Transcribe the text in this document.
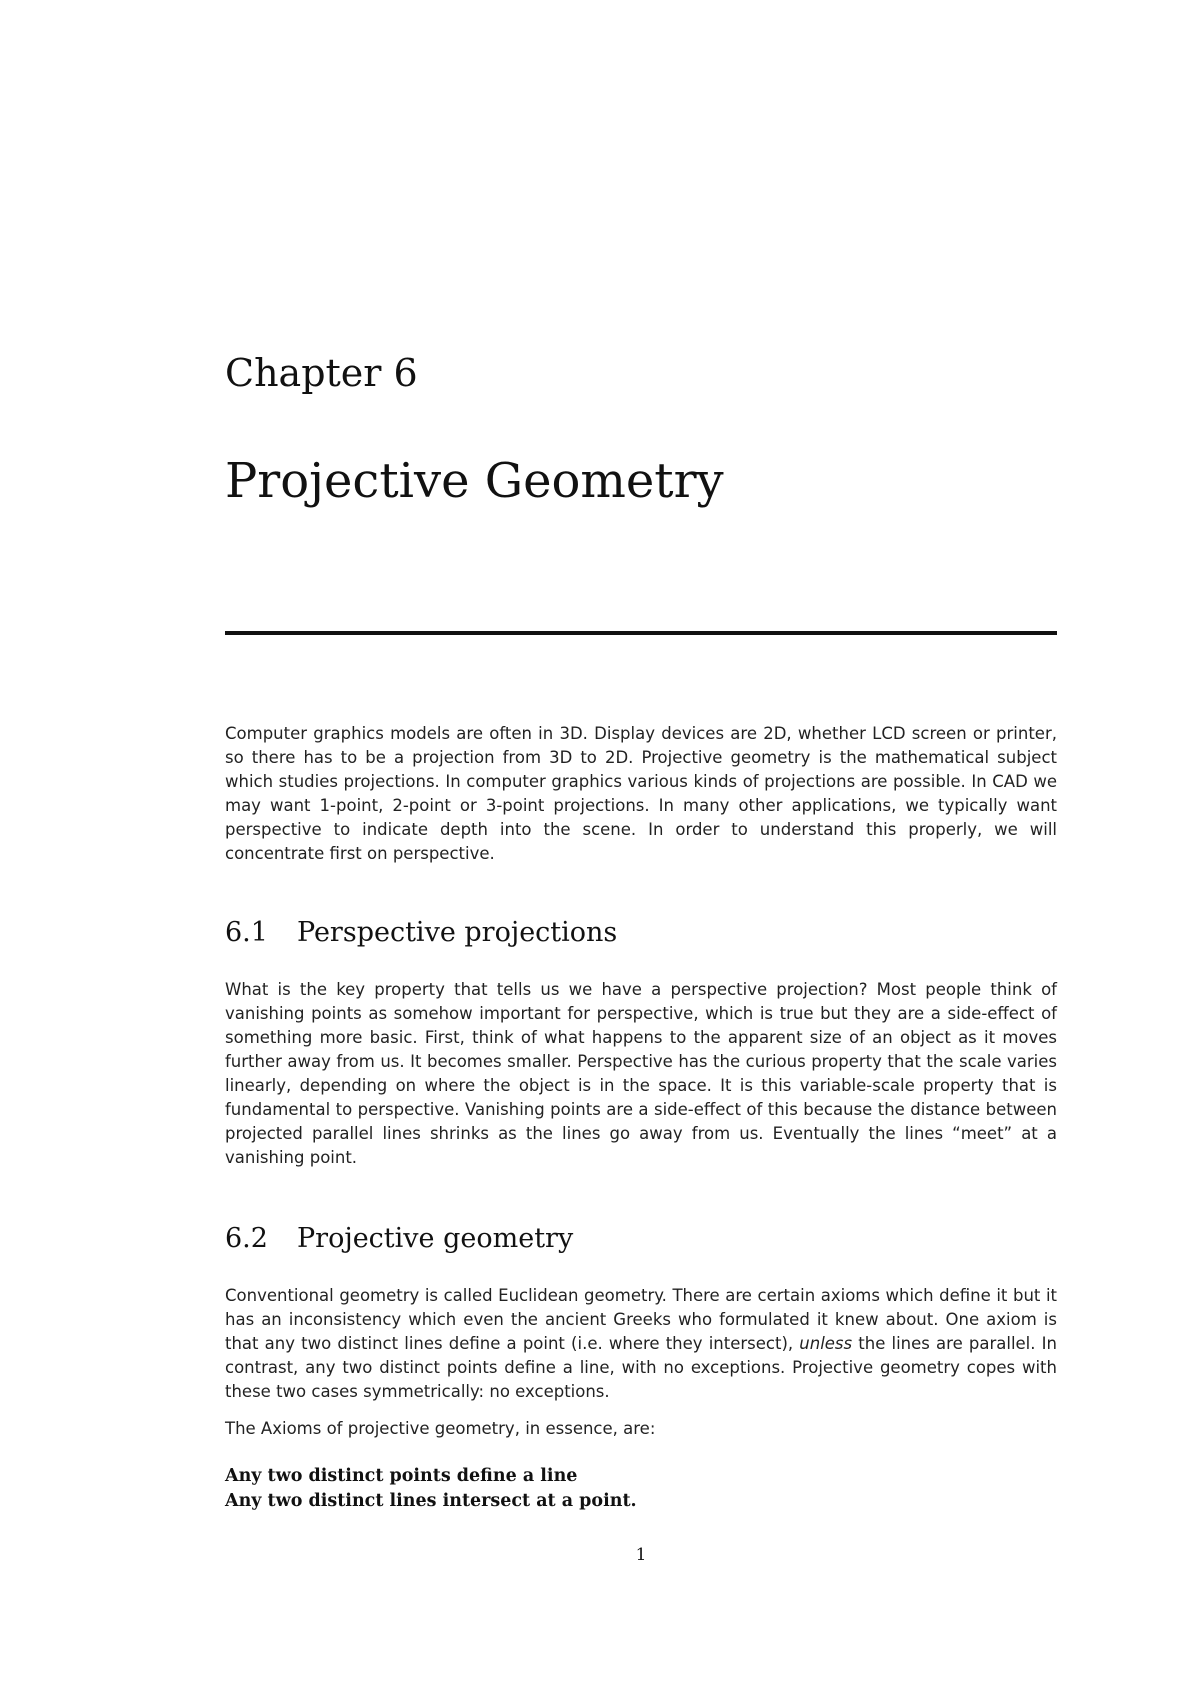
Chapter 6
Projective Geometry

Computer graphics models are often in 3D. Display devices are 2D, whether LCD screen or printer, so there has to be a projection from 3D to 2D. Projective geometry is the mathematical subject which studies projections. In computer graphics various kinds of projections are possible. In CAD we may want 1-point, 2-point or 3-point projections. In many other applications, we typically want perspective to indicate depth into the scene. In order to understand this properly, we will concentrate first on perspective.

6.1 Perspective projections

What is the key property that tells us we have a perspective projection? Most people think of vanishing points as somehow important for perspective, which is true but they are a side-effect of something more basic. First, think of what happens to the apparent size of an object as it moves further away from us. It becomes smaller. Perspective has the curious property that the scale varies linearly, depending on where the object is in the space. It is this variable-scale property that is fundamental to perspective. Vanishing points are a side-effect of this because the distance between projected parallel lines shrinks as the lines go away from us. Eventually the lines “meet” at a vanishing point.

6.2 Projective geometry

Conventional geometry is called Euclidean geometry. There are certain axioms which define it but it has an inconsistency which even the ancient Greeks who formulated it knew about. One axiom is that any two distinct lines define a point (i.e. where they intersect), unless the lines are parallel. In contrast, any two distinct points define a line, with no exceptions. Projective geometry copes with these two cases symmetrically: no exceptions.

The Axioms of projective geometry, in essence, are:

Any two distinct points define a line
Any two distinct lines intersect at a point.
1
